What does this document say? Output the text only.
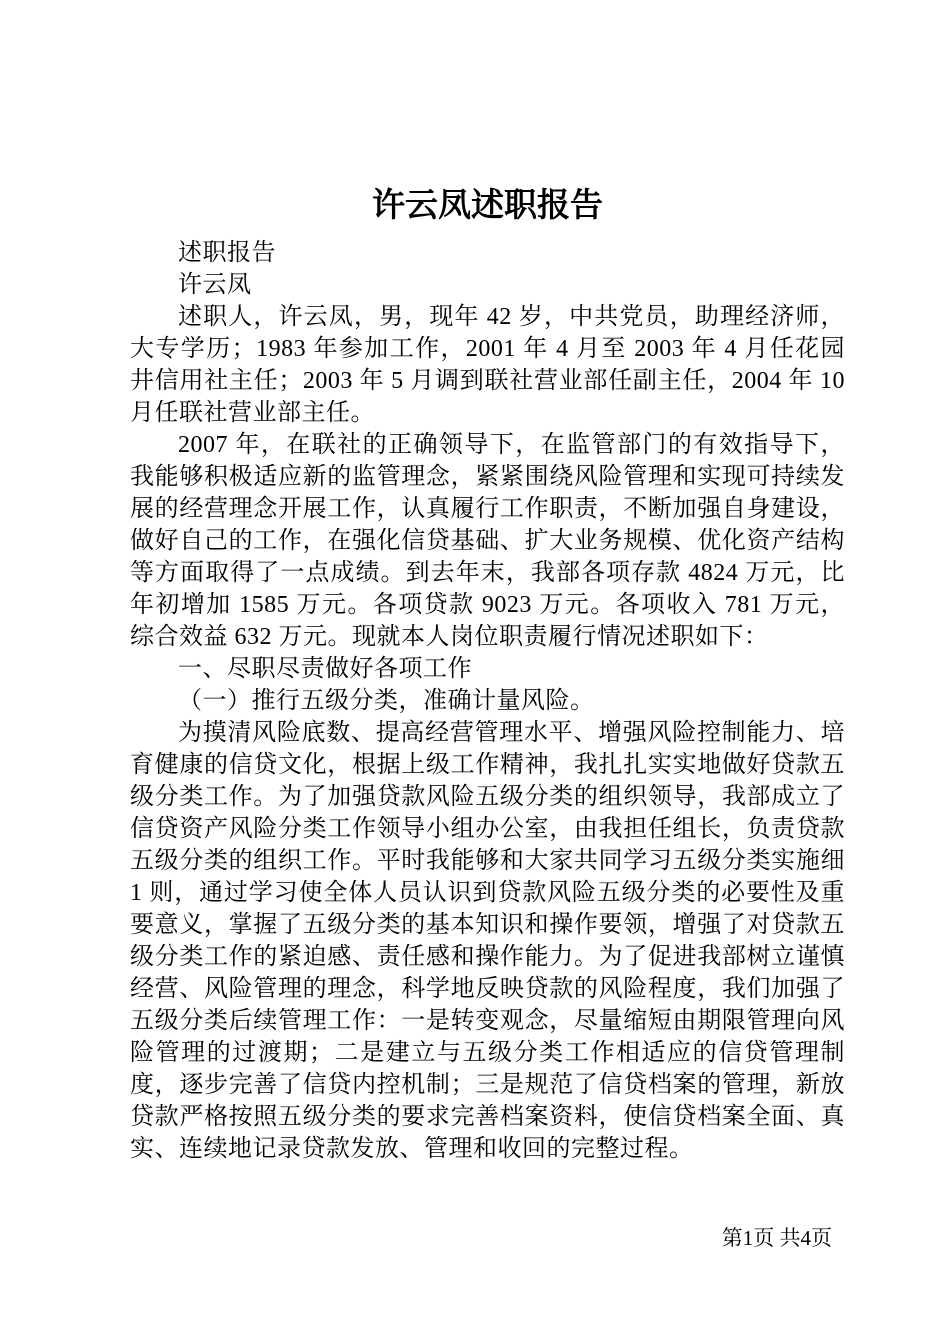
许云凤述职报告

述职报告

许云凤

述职人，许云凤，男，现年 42 岁，中共党员，助理经济师，大专学历；1983 年参加工作，2001 年 4 月至 2003 年 4 月任花园井信用社主任；2003 年 5 月调到联社营业部任副主任，2004 年 10 月任联社营业部主任。

2007 年，在联社的正确领导下，在监管部门的有效指导下，我能够积极适应新的监管理念，紧紧围绕风险管理和实现可持续发展的经营理念开展工作，认真履行工作职责，不断加强自身建设，做好自己的工作，在强化信贷基础、扩大业务规模、优化资产结构等方面取得了一点成绩。到去年末，我部各项存款 4824 万元，比年初增加 1585 万元。各项贷款 9023 万元。各项收入 781 万元，综合效益 632 万元。现就本人岗位职责履行情况述职如下：

一、尽职尽责做好各项工作

（一）推行五级分类，准确计量风险。

为摸清风险底数、提高经营管理水平、增强风险控制能力、培育健康的信贷文化，根据上级工作精神，我扎扎实实地做好贷款五级分类工作。为了加强贷款风险五级分类的组织领导，我部成立了信贷资产风险分类工作领导小组办公室，由我担任组长，负责贷款五级分类的组织工作。平时我能够和大家共同学习五级分类实施细 1 则，通过学习使全体人员认识到贷款风险五级分类的必要性及重要意义，掌握了五级分类的基本知识和操作要领，增强了对贷款五级分类工作的紧迫感、责任感和操作能力。为了促进我部树立谨慎经营、风险管理的理念，科学地反映贷款的风险程度，我们加强了五级分类后续管理工作：一是转变观念，尽量缩短由期限管理向风险管理的过渡期；二是建立与五级分类工作相适应的信贷管理制度，逐步完善了信贷内控机制；三是规范了信贷档案的管理，新放贷款严格按照五级分类的要求完善档案资料，使信贷档案全面、真实、连续地记录贷款发放、管理和收回的完整过程。

第1页 共4页
